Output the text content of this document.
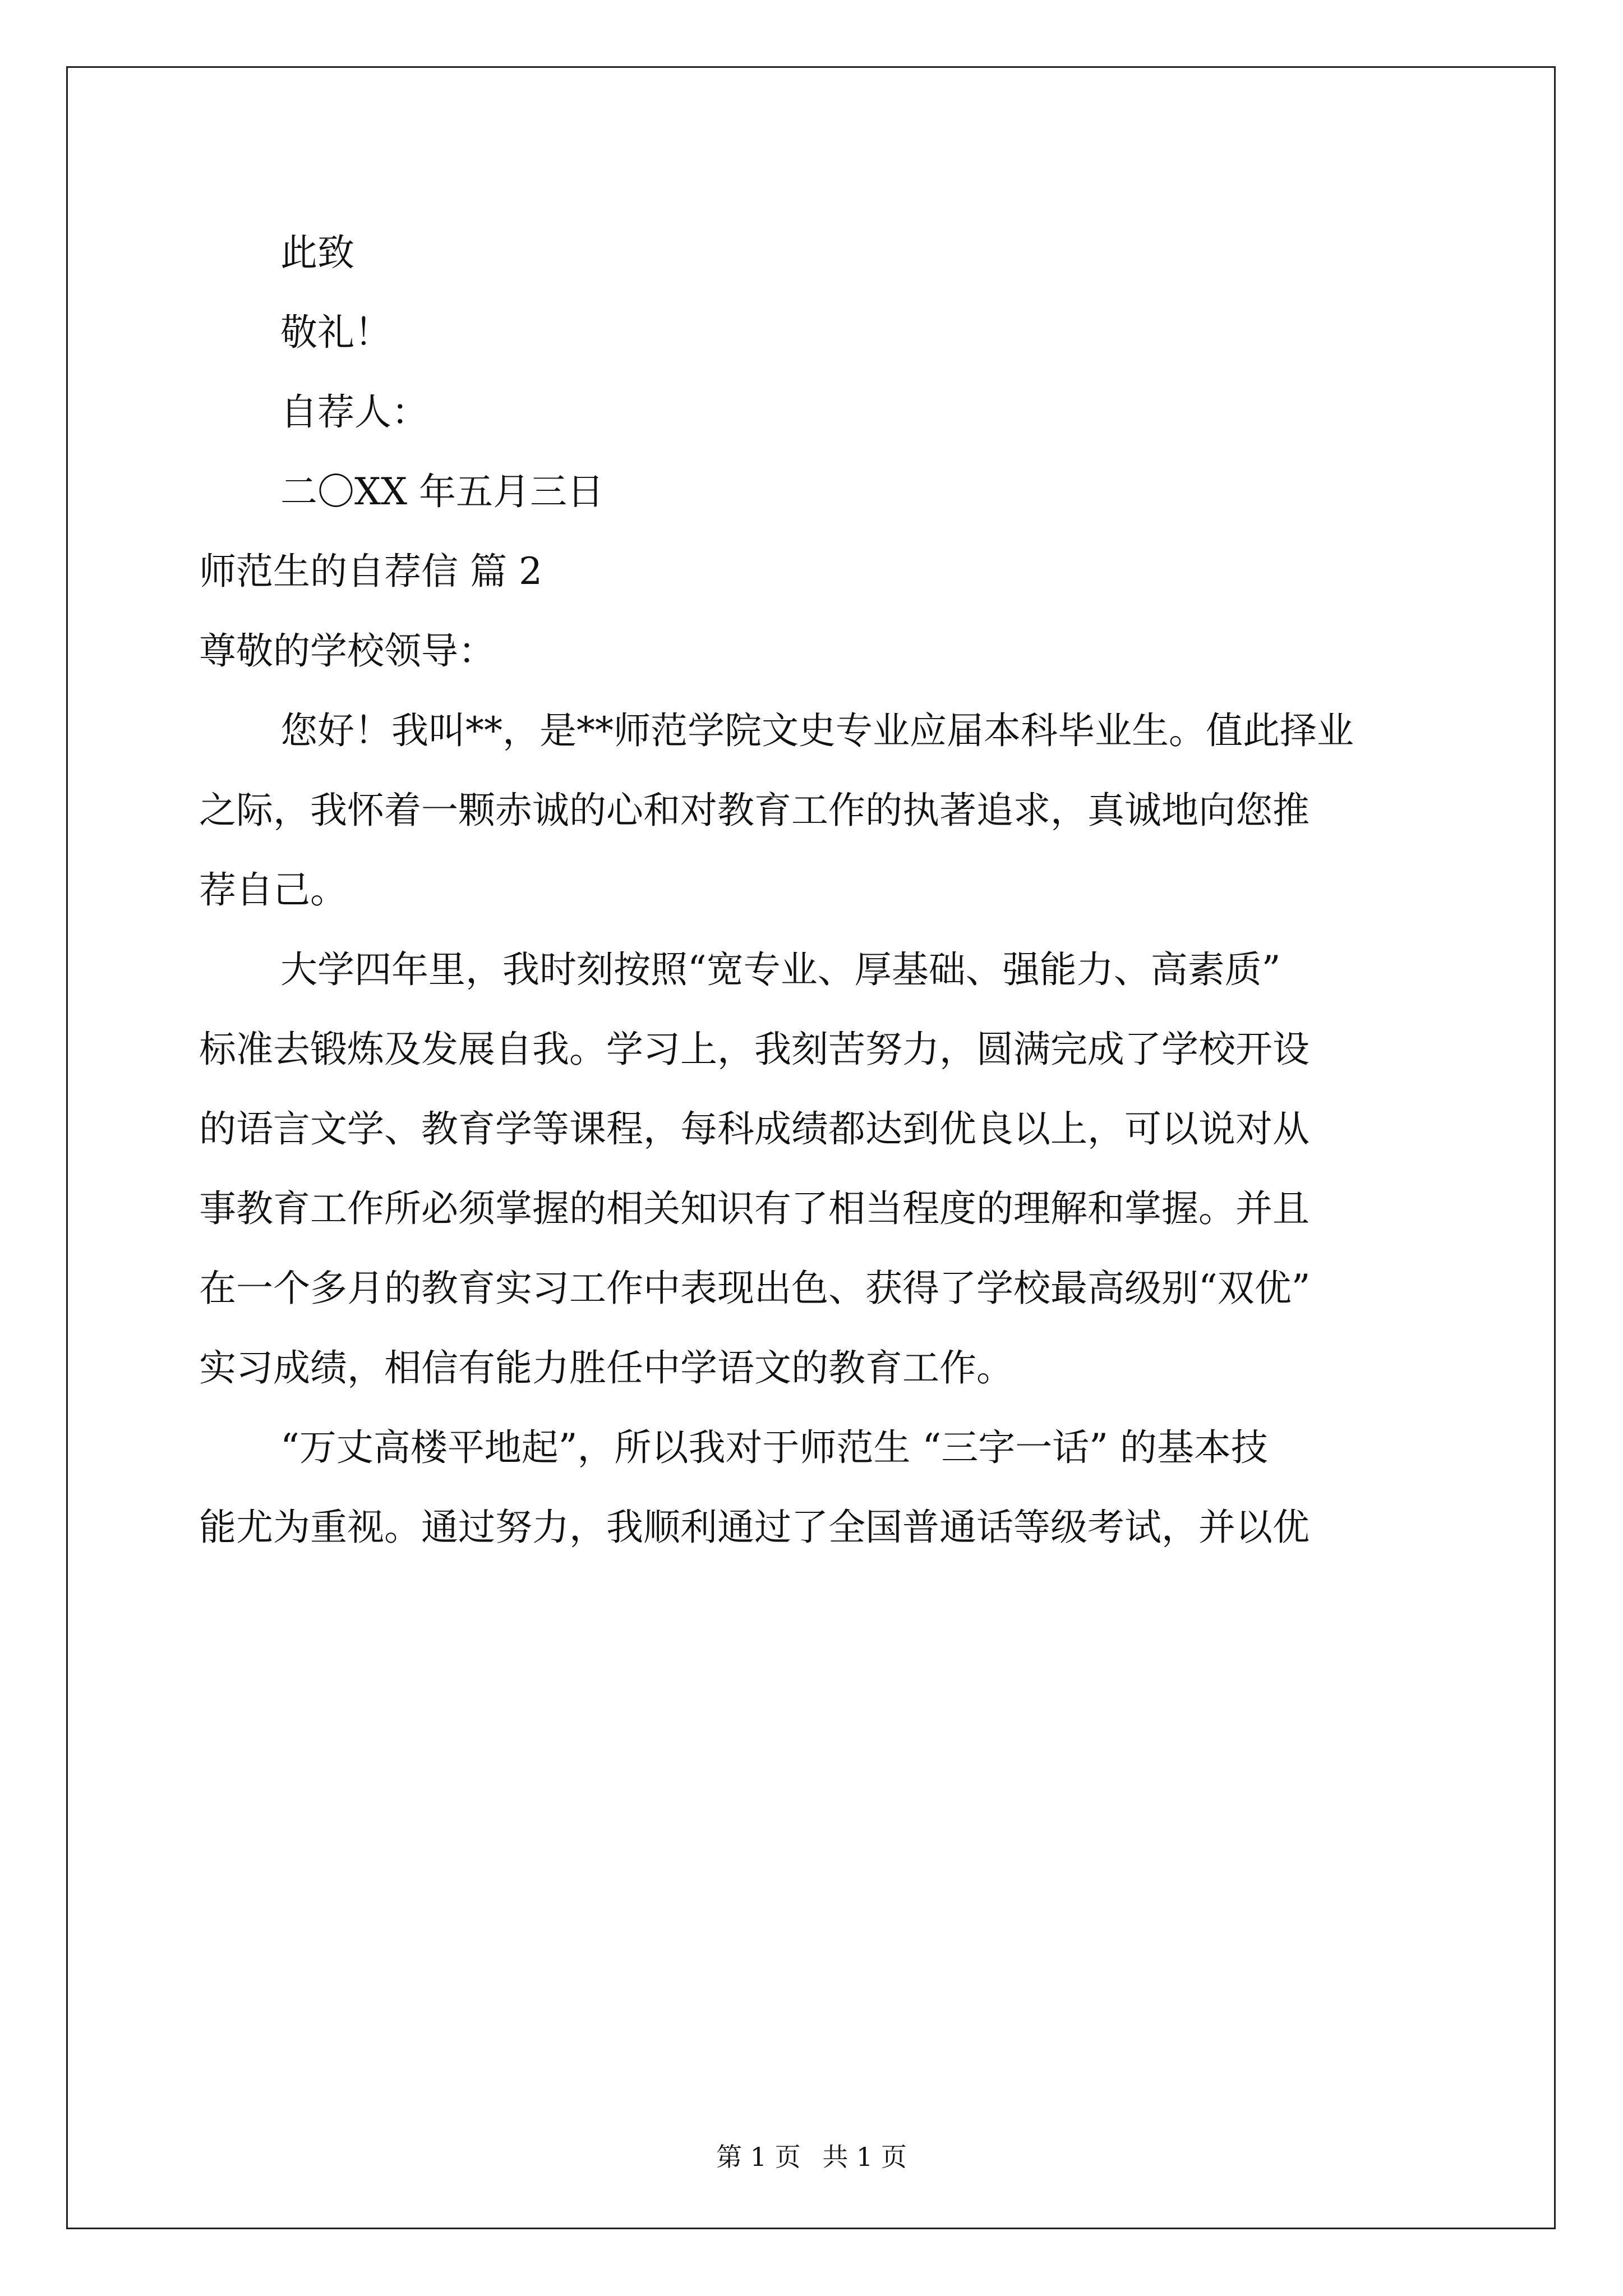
此致
敬礼！
自荐人：
二〇XX 年五月三日
师范生的自荐信 篇 2
尊敬的学校领导：
您好！我叫**，是**师范学院文史专业应届本科毕业生。值此择业
之际，我怀着一颗赤诚的心和对教育工作的执著追求，真诚地向您推
荐自己。
大学四年里，我时刻按照“宽专业、厚基础、强能力、高素质”
标准去锻炼及发展自我。学习上，我刻苦努力，圆满完成了学校开设
的语言文学、教育学等课程，每科成绩都达到优良以上，可以说对从
事教育工作所必须掌握的相关知识有了相当程度的理解和掌握。并且
在一个多月的教育实习工作中表现出色、获得了学校最高级别“双优”
实习成绩，相信有能力胜任中学语文的教育工作。
“万丈高楼平地起”，所以我对于师范生 “三字一话” 的基本技
能尤为重视。通过努力，我顺利通过了全国普通话等级考试，并以优
第 1 页 共 1 页
